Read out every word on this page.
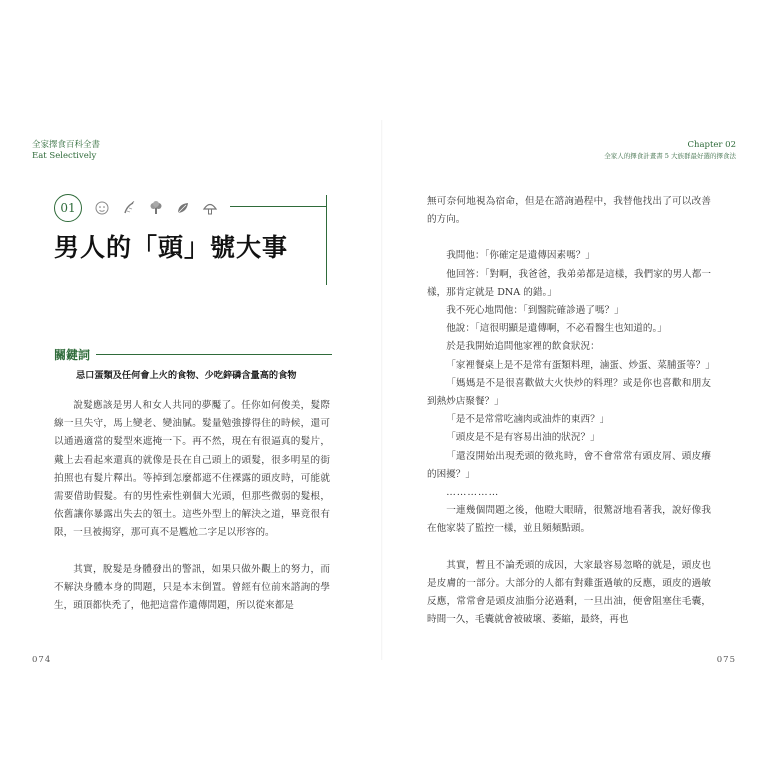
全家擇食百科全書
Eat Selectively
01
男人的「頭」號大事
關鍵詞
忌口蛋類及任何會上火的食物、少吃鋅磷含量高的食物

說髮應該是男人和女人共同的夢魘了。任你如何俊美，髮際線一旦失守，馬上變老、變油膩。髮量勉強撐得住的時候，還可以通過適當的髮型來遮掩一下。再不然，現在有很逼真的髮片，戴上去看起來還真的就像是長在自己頭上的頭髮，很多明星的街拍照也有髮片釋出。等掉到怎麼都遮不住裸露的頭皮時，可能就需要借助假髮。有的男性索性剃個大光頭，但那些微弱的髮根，依舊讓你暴露出失去的領土。這些外型上的解決之道，畢竟很有限，一旦被揭穿，那可真不是尷尬二字足以形容的。

其實，脫髮是身體發出的警訊，如果只做外觀上的努力，而不解決身體本身的問題，只是本末倒置。曾經有位前來諮詢的學生，頭頂都快禿了，他把這當作遺傳問題，所以從來都是

074
Chapter 02
全家人的擇食計畫書 5 大族群最好選的擇食法
075

無可奈何地視為宿命，但是在諮詢過程中，我替他找出了可以改善的方向。

我問他：「你確定是遺傳因素嗎？」

他回答：「對啊，我爸爸，我弟弟都是這樣，我們家的男人都一樣，那肯定就是 DNA 的錯。」

我不死心地問他：「到醫院確診過了嗎？」

他說：「這很明顯是遺傳啊，不必看醫生也知道的。」

於是我開始追問他家裡的飲食狀況：

「家裡餐桌上是不是常有蛋類料理，滷蛋、炒蛋、菜脯蛋等？」

「媽媽是不是很喜歡做大火快炒的料理？或是你也喜歡和朋友到熱炒店聚餐？」

「是不是常常吃滷肉或油炸的東西？」

「頭皮是不是有容易出油的狀況？」

「還沒開始出現禿頭的徵兆時，會不會常常有頭皮屑、頭皮癢的困擾？」

……………

一連幾個問題之後，他瞪大眼睛，很驚訝地看著我，說好像我在他家裝了監控一樣，並且頻頻點頭。

其實，暫且不論禿頭的成因，大家最容易忽略的就是，頭皮也是皮膚的一部分。大部分的人都有對雞蛋過敏的反應，頭皮的過敏反應，常常會是頭皮油脂分泌過剩，一旦出油，便會阻塞住毛囊，時間一久，毛囊就會被破壞、萎縮，最終，再也
